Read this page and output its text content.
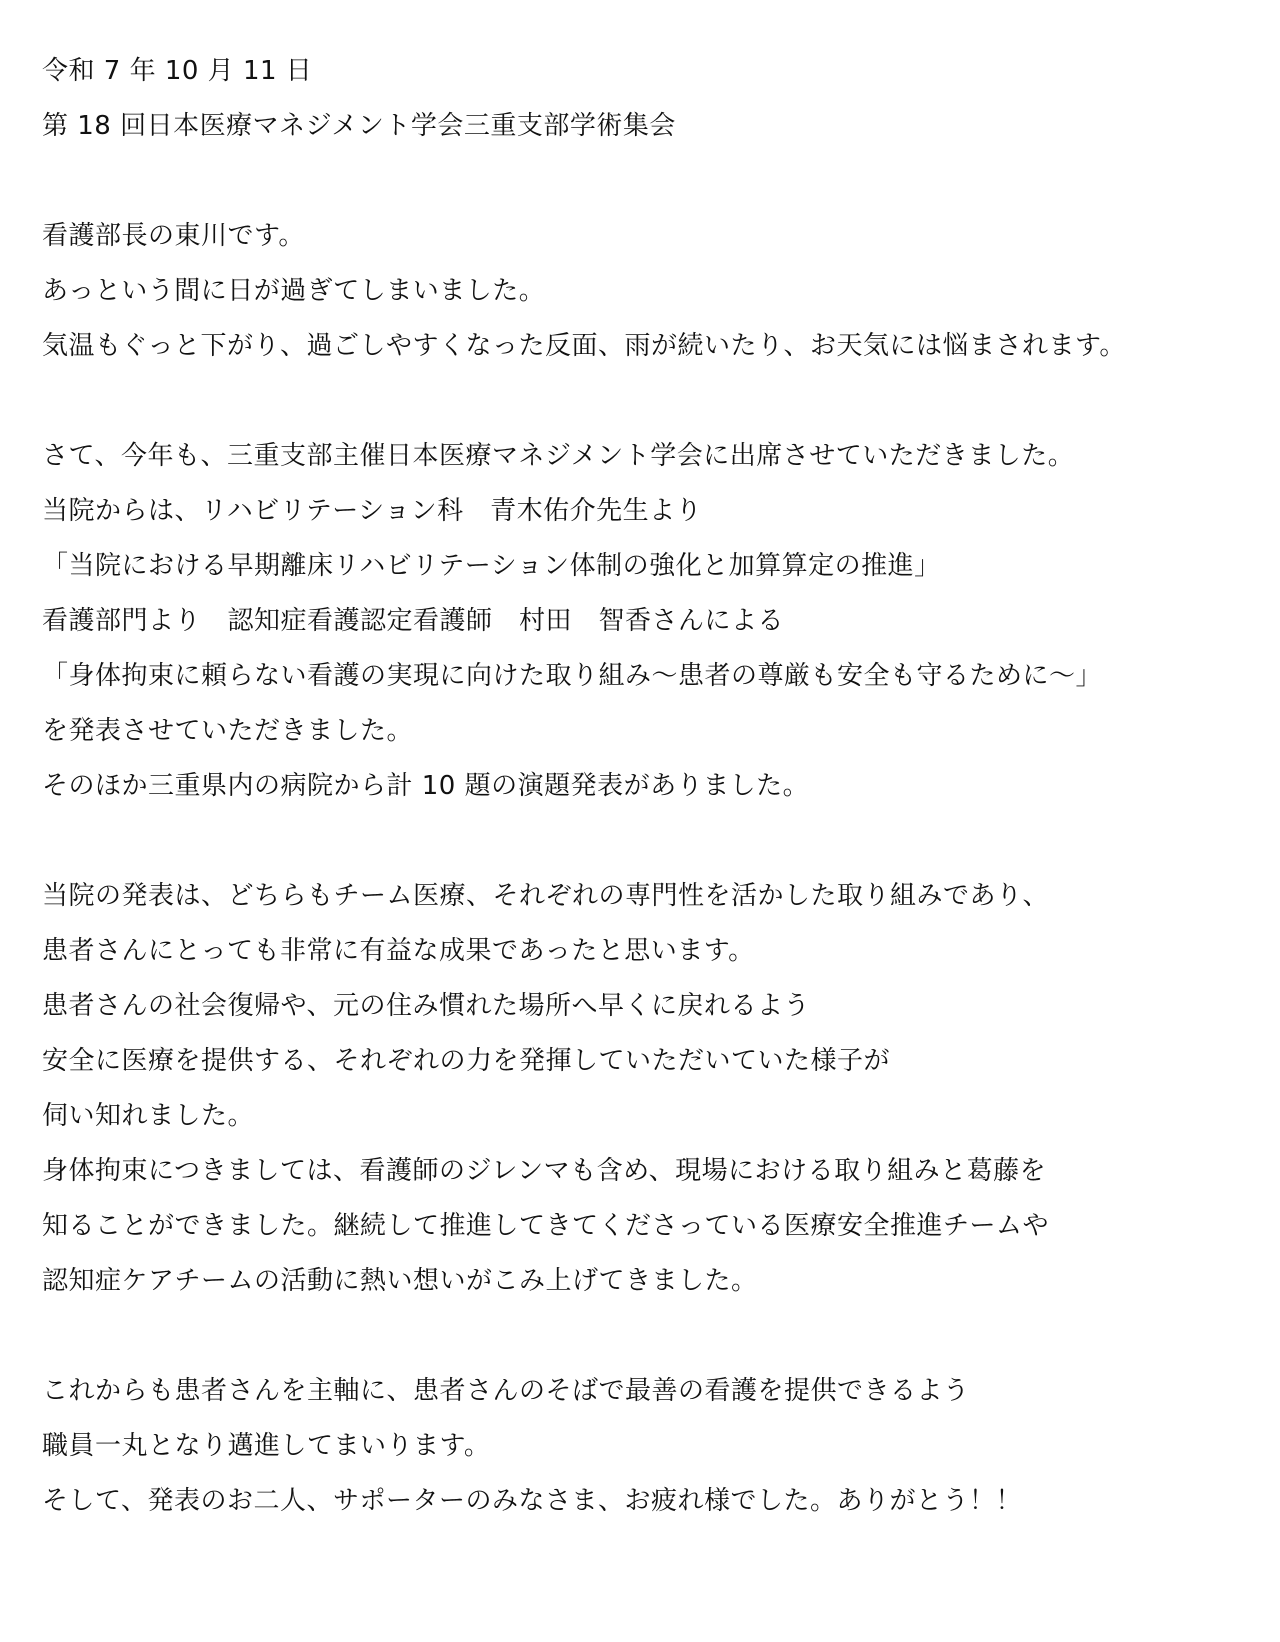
令和 7 年 10 月 11 日
第 18 回日本医療マネジメント学会三重支部学術集会
看護部長の東川です。
あっという間に日が過ぎてしまいました。
気温もぐっと下がり、過ごしやすくなった反面、雨が続いたり、お天気には悩まされます。
さて、今年も、三重支部主催日本医療マネジメント学会に出席させていただきました。
当院からは、リハビリテーション科　青木佑介先生より
「当院における早期離床リハビリテーション体制の強化と加算算定の推進」
看護部門より　認知症看護認定看護師　村田　智香さんによる
「身体拘束に頼らない看護の実現に向けた取り組み～患者の尊厳も安全も守るために～」
を発表させていただきました。
そのほか三重県内の病院から計 10 題の演題発表がありました。
当院の発表は、どちらもチーム医療、それぞれの専門性を活かした取り組みであり、
患者さんにとっても非常に有益な成果であったと思います。
患者さんの社会復帰や、元の住み慣れた場所へ早くに戻れるよう
安全に医療を提供する、それぞれの力を発揮していただいていた様子が
伺い知れました。
身体拘束につきましては、看護師のジレンマも含め、現場における取り組みと葛藤を
知ることができました。継続して推進してきてくださっている医療安全推進チームや
認知症ケアチームの活動に熱い想いがこみ上げてきました。
これからも患者さんを主軸に、患者さんのそばで最善の看護を提供できるよう
職員一丸となり邁進してまいります。
そして、発表のお二人、サポーターのみなさま、お疲れ様でした。ありがとう！！
